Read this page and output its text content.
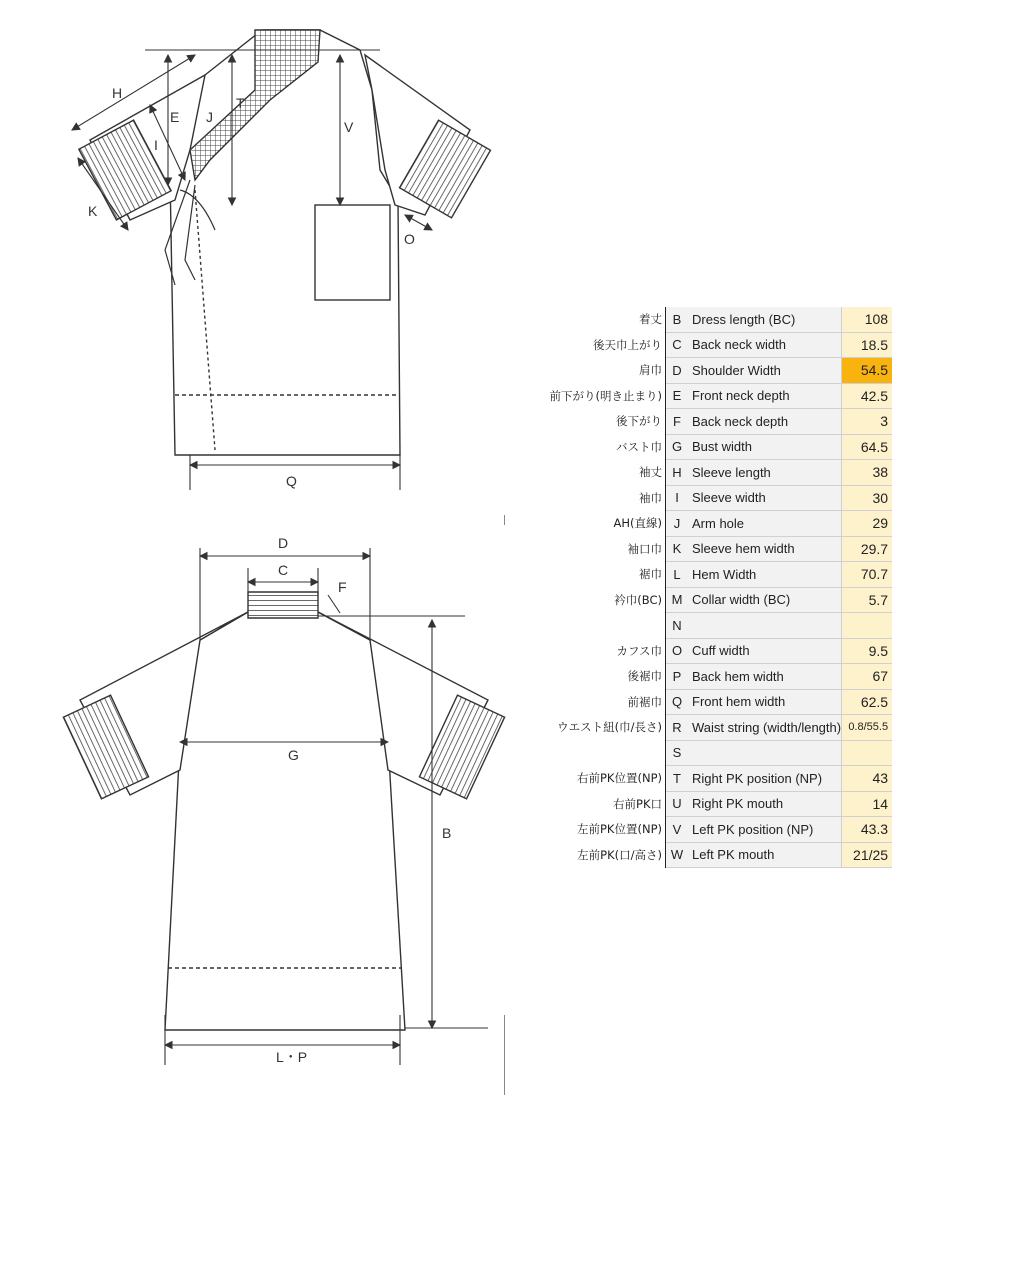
H
E J
T
V
I
K
O
Q
D
C
F
G
B
L・P
着丈	B	Dress length (BC)	108
後天巾上がり	C	Back neck width	18.5
肩巾	D	Shoulder Width	54.5
前下がり(明き止まり)	E	Front neck depth	42.5
後下がり	F	Back neck depth	3
バスト巾	G	Bust width	64.5
袖丈	H	Sleeve length	38
袖巾	I	Sleeve width	30
AH(直線)	J	Arm hole	29
袖口巾	K	Sleeve hem width	29.7
裾巾	L	Hem Width	70.7
衿巾(BC)	M	Collar width (BC)	5.7
	N		
カフス巾	O	Cuff width	9.5
後裾巾	P	Back hem width	67
前裾巾	Q	Front hem width	62.5
ウエスト紐(巾/長さ)	R	Waist string (width/length)	0.8/55.5
	S		
右前PK位置(NP)	T	Right PK position (NP)	43
右前PK口	U	Right PK mouth	14
左前PK位置(NP)	V	Left PK position (NP)	43.3
左前PK(口/高さ)	W	Left PK mouth	21/25
